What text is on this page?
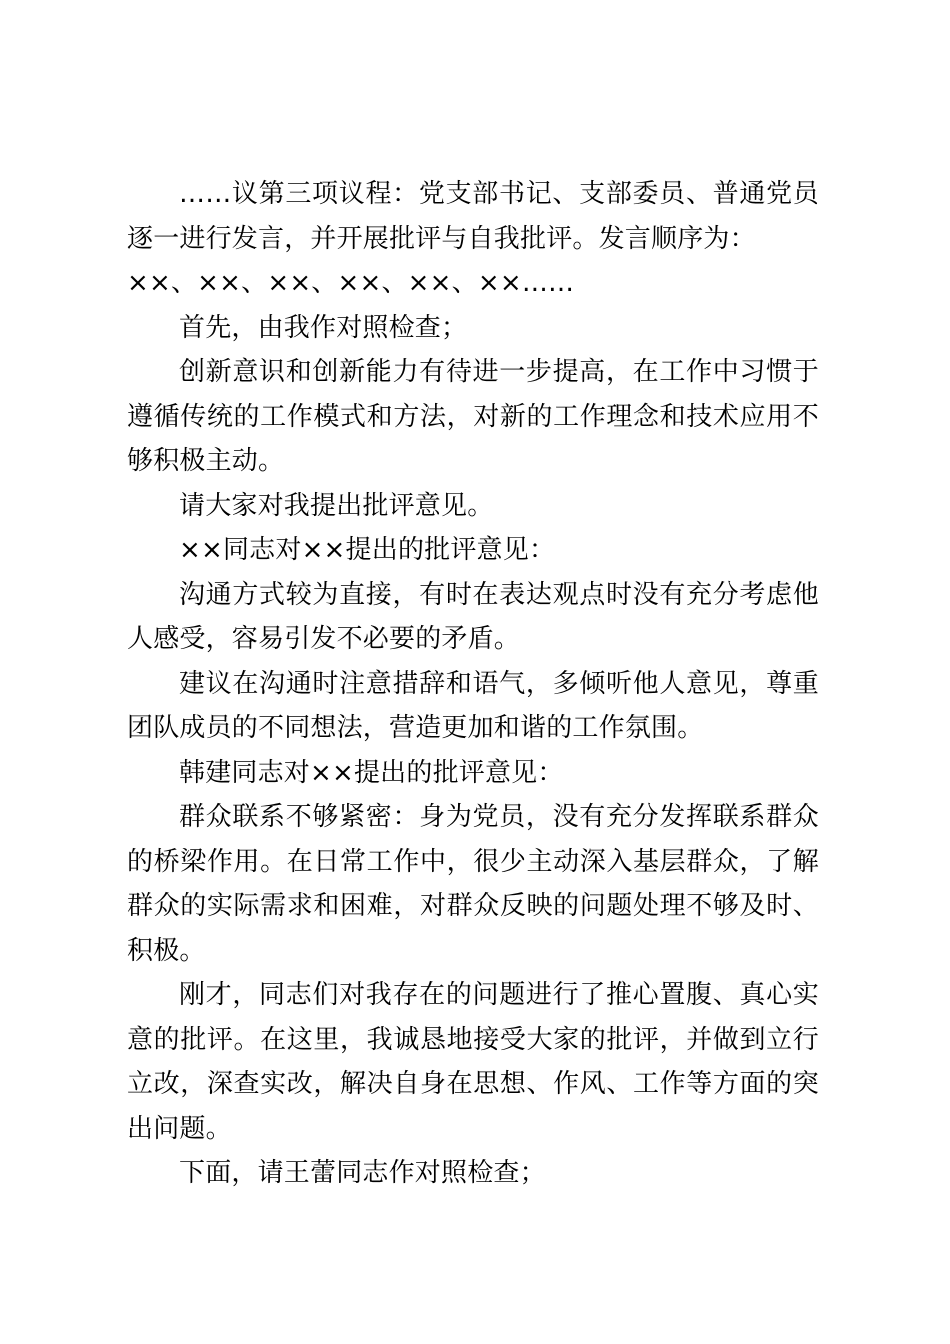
……议第三项议程：党支部书记、支部委员、普通党员逐一进行发言，并开展批评与自我批评。发言顺序为：

××、××、××、××、××、××……

首先，由我作对照检查；

创新意识和创新能力有待进一步提高，在工作中习惯于遵循传统的工作模式和方法，对新的工作理念和技术应用不够积极主动。

请大家对我提出批评意见。

××同志对××提出的批评意见：

沟通方式较为直接，有时在表达观点时没有充分考虑他人感受，容易引发不必要的矛盾。

建议在沟通时注意措辞和语气，多倾听他人意见，尊重团队成员的不同想法，营造更加和谐的工作氛围。

韩建同志对××提出的批评意见：

群众联系不够紧密：身为党员，没有充分发挥联系群众的桥梁作用。在日常工作中，很少主动深入基层群众，了解群众的实际需求和困难，对群众反映的问题处理不够及时、积极。

刚才，同志们对我存在的问题进行了推心置腹、真心实意的批评。在这里，我诚恳地接受大家的批评，并做到立行立改，深查实改，解决自身在思想、作风、工作等方面的突出问题。

下面，请王蕾同志作对照检查；
